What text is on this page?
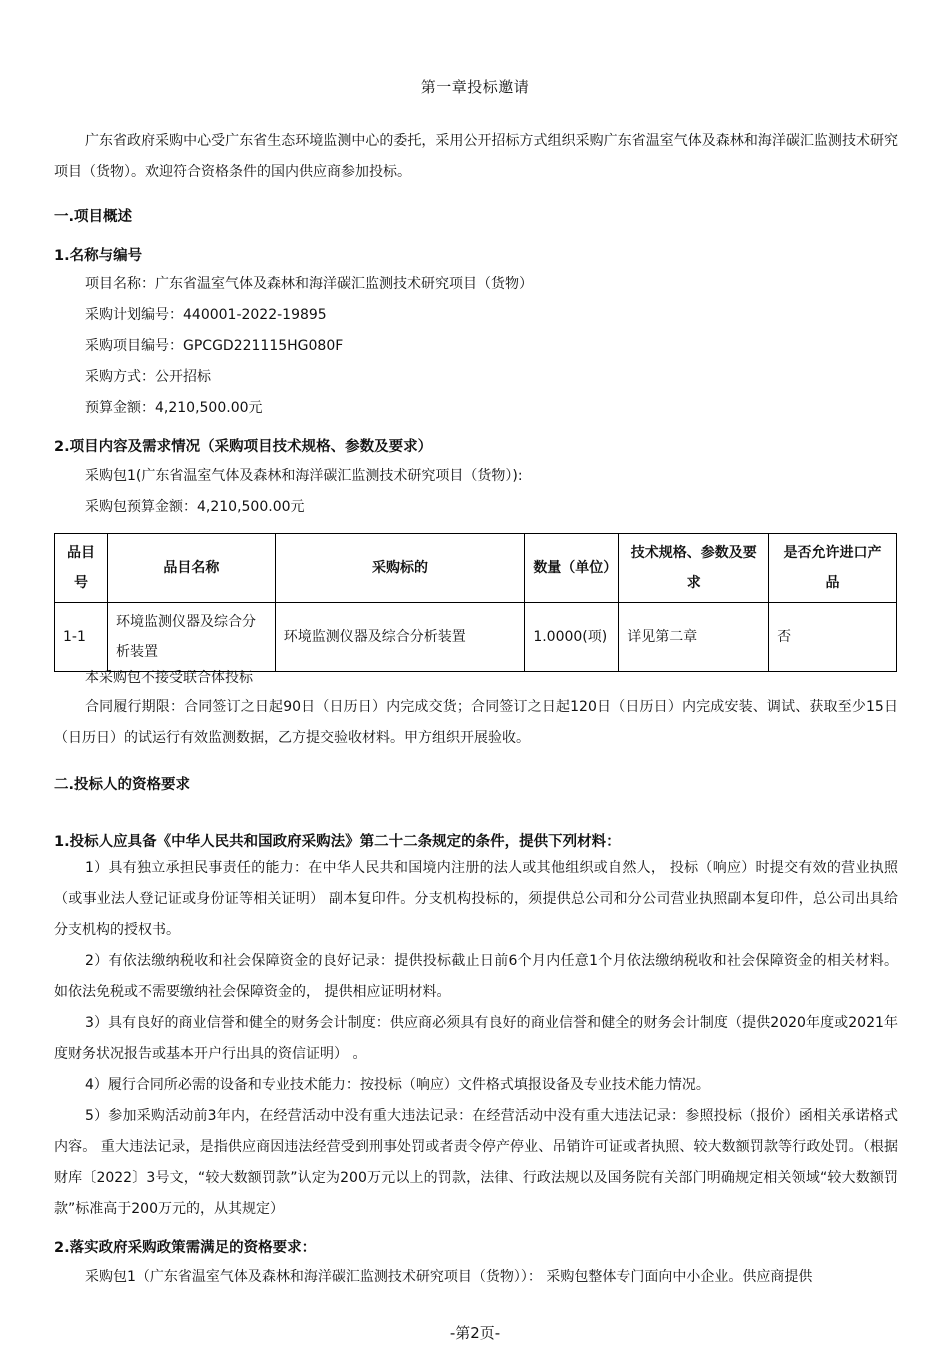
第一章投标邀请

广东省政府采购中心受广东省生态环境监测中心的委托，采用公开招标方式组织采购广东省温室气体及森林和海洋碳汇监测技术研究项目（货物）。欢迎符合资格条件的国内供应商参加投标。

一.项目概述
1.名称与编号
项目名称：广东省温室气体及森林和海洋碳汇监测技术研究项目（货物）
采购计划编号：440001-2022-19895
采购项目编号：GPCGD221115HG080F
采购方式：公开招标
预算金额：4,210,500.00元
2.项目内容及需求情况（采购项目技术规格、参数及要求）
采购包1(广东省温室气体及森林和海洋碳汇监测技术研究项目（货物）):
采购包预算金额：4,210,500.00元
品目号	品目名称	采购标的	数量（单位）	技术规格、参数及要求	是否允许进口产品
1-1	环境监测仪器及综合分析装置	环境监测仪器及综合分析装置	1.0000(项)	详见第二章	否
本采购包不接受联合体投标

合同履行期限：合同签订之日起90日（日历日）内完成交货；合同签订之日起120日（日历日）内完成安装、调试、获取至少15日（日历日）的试运行有效监测数据，乙方提交验收材料。甲方组织开展验收。

二.投标人的资格要求
1.投标人应具备《中华人民共和国政府采购法》第二十二条规定的条件，提供下列材料：

1）具有独立承担民事责任的能力：在中华人民共和国境内注册的法人或其他组织或自然人， 投标（响应）时提交有效的营业执照（或事业法人登记证或身份证等相关证明） 副本复印件。分支机构投标的，须提供总公司和分公司营业执照副本复印件，总公司出具给分支机构的授权书。

2）有依法缴纳税收和社会保障资金的良好记录：提供投标截止日前6个月内任意1个月依法缴纳税收和社会保障资金的相关材料。 如依法免税或不需要缴纳社会保障资金的， 提供相应证明材料。

3）具有良好的商业信誉和健全的财务会计制度：供应商必须具有良好的商业信誉和健全的财务会计制度（提供2020年度或2021年度财务状况报告或基本开户行出具的资信证明） 。

4）履行合同所必需的设备和专业技术能力：按投标（响应）文件格式填报设备及专业技术能力情况。

5）参加采购活动前3年内，在经营活动中没有重大违法记录：在经营活动中没有重大违法记录：参照投标（报价）函相关承诺格式内容。 重大违法记录，是指供应商因违法经营受到刑事处罚或者责令停产停业、吊销许可证或者执照、较大数额罚款等行政处罚。（根据财库〔2022〕3号文，“较大数额罚款”认定为200万元以上的罚款，法律、行政法规以及国务院有关部门明确规定相关领域“较大数额罚款”标准高于200万元的，从其规定）

2.落实政府采购政策需满足的资格要求：
采购包1（广东省温室气体及森林和海洋碳汇监测技术研究项目（货物））： 采购包整体专门面向中小企业。供应商提供
-第2页-
